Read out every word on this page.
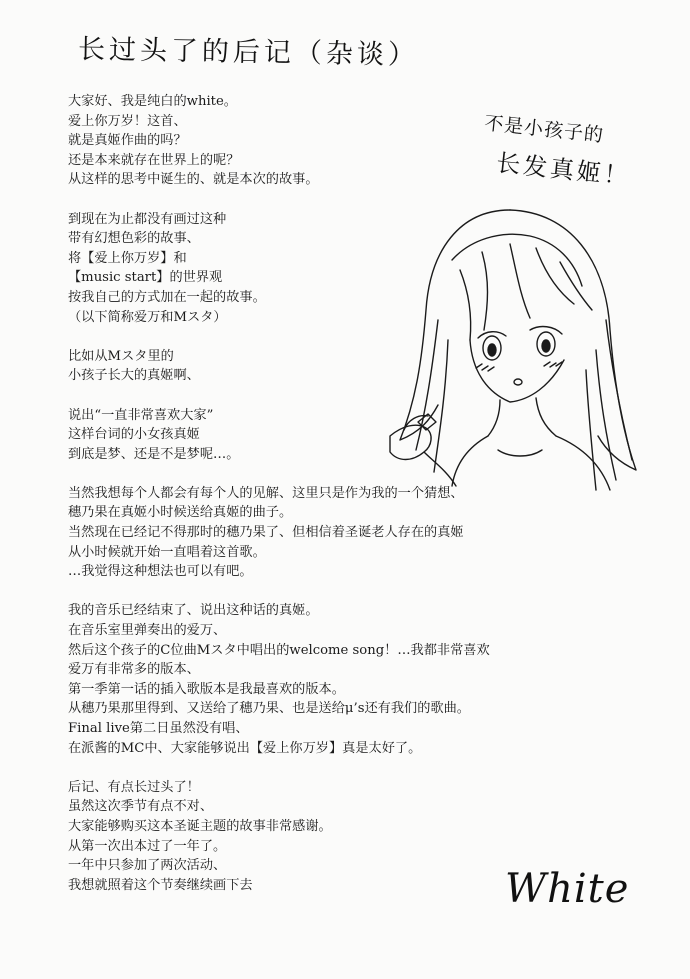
长过头了的后记（杂谈）
大家好、我是纯白的white。
爱上你万岁！这首、
就是真姬作曲的吗？
还是本来就存在世界上的呢？
从这样的思考中诞生的、就是本次的故事。
到现在为止都没有画过这种
带有幻想色彩的故事、
将【爱上你万岁】和
【music start】的世界观
按我自己的方式加在一起的故事。
（以下简称爱万和Mスタ）
比如从Mスタ里的
小孩子长大的真姬啊、
说出“一直非常喜欢大家”
这样台词的小女孩真姬
到底是梦、还是不是梦呢…。
当然我想每个人都会有每个人的见解、这里只是作为我的一个猜想、
穗乃果在真姬小时候送给真姬的曲子。
当然现在已经记不得那时的穗乃果了、但相信着圣诞老人存在的真姬
从小时候就开始一直唱着这首歌。
…我觉得这种想法也可以有吧。
我的音乐已经结束了、说出这种话的真姬。
在音乐室里弹奏出的爱万、
然后这个孩子的C位曲Mスタ中唱出的welcome song！…我都非常喜欢
爱万有非常多的版本、
第一季第一话的插入歌版本是我最喜欢的版本。
从穗乃果那里得到、又送给了穗乃果、也是送给μ’s还有我们的歌曲。
Final live第二日虽然没有唱、
在派酱的MC中、大家能够说出【爱上你万岁】真是太好了。
后记、有点长过头了！
虽然这次季节有点不对、
大家能够购买这本圣诞主题的故事非常感谢。
从第一次出本过了一年了。
一年中只参加了两次活动、
我想就照着这个节奏继续画下去
不是小孩子的
长发真姬！
White
